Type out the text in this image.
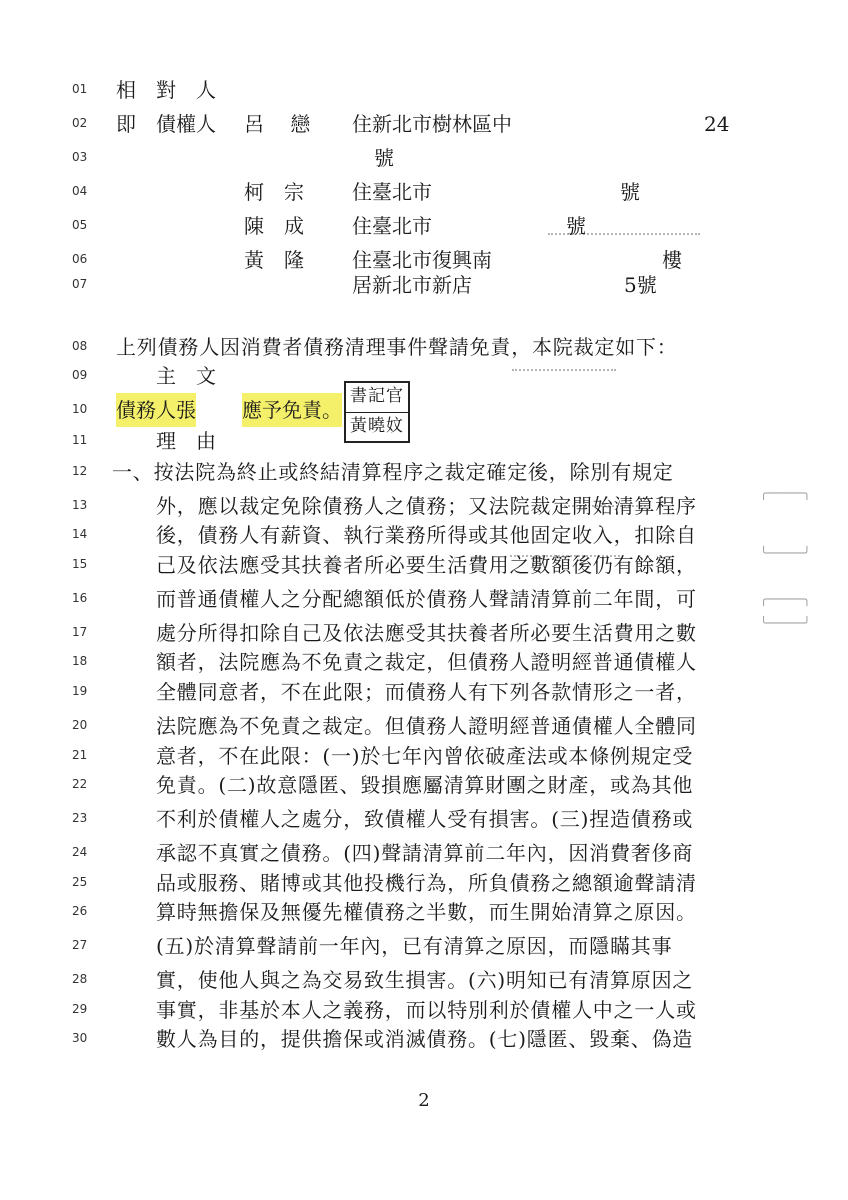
01 相　對　人
02 即　債權人 呂　 戀 住新北市樹林區中	24
03	號
04	柯　宗 住臺北市	號
05	陳　成 住臺北市	號
06	黃　隆 住臺北市復興南	樓
07	居新北市新店	5號
08 上列債務人因消費者債務清理事件聲請免責，本院裁定如下：
09	主　文
10 債務人張 應予免責。
11	理　由
書記官
黃曉妏
12 一、按法院為終止或終結清算程序之裁定確定後，除別有規定
13	外，應以裁定免除債務人之債務；又法院裁定開始清算程序
14	後，債務人有薪資、執行業務所得或其他固定收入，扣除自
15	己及依法應受其扶養者所必要生活費用之數額後仍有餘額，
16	而普通債權人之分配總額低於債務人聲請清算前二年間，可
17	處分所得扣除自己及依法應受其扶養者所必要生活費用之數
18	額者，法院應為不免責之裁定，但債務人證明經普通債權人
19	全體同意者，不在此限；而債務人有下列各款情形之一者，
20	法院應為不免責之裁定。但債務人證明經普通債權人全體同
21	意者，不在此限：(一)於七年內曾依破產法或本條例規定受
22	免責。(二)故意隱匿、毀損應屬清算財團之財產，或為其他
23	不利於債權人之處分，致債權人受有損害。(三)捏造債務或
24	承認不真實之債務。(四)聲請清算前二年內，因消費奢侈商
25	品或服務、賭博或其他投機行為，所負債務之總額逾聲請清
26	算時無擔保及無優先權債務之半數，而生開始清算之原因。
27	(五)於清算聲請前一年內，已有清算之原因，而隱瞞其事
28	實，使他人與之為交易致生損害。(六)明知已有清算原因之
29	事實，非基於本人之義務，而以特別利於債權人中之一人或
30	數人為目的，提供擔保或消滅債務。(七)隱匿、毀棄、偽造
╭─────╮
╰─────╯
╭─────╮
╰─────╯
2
